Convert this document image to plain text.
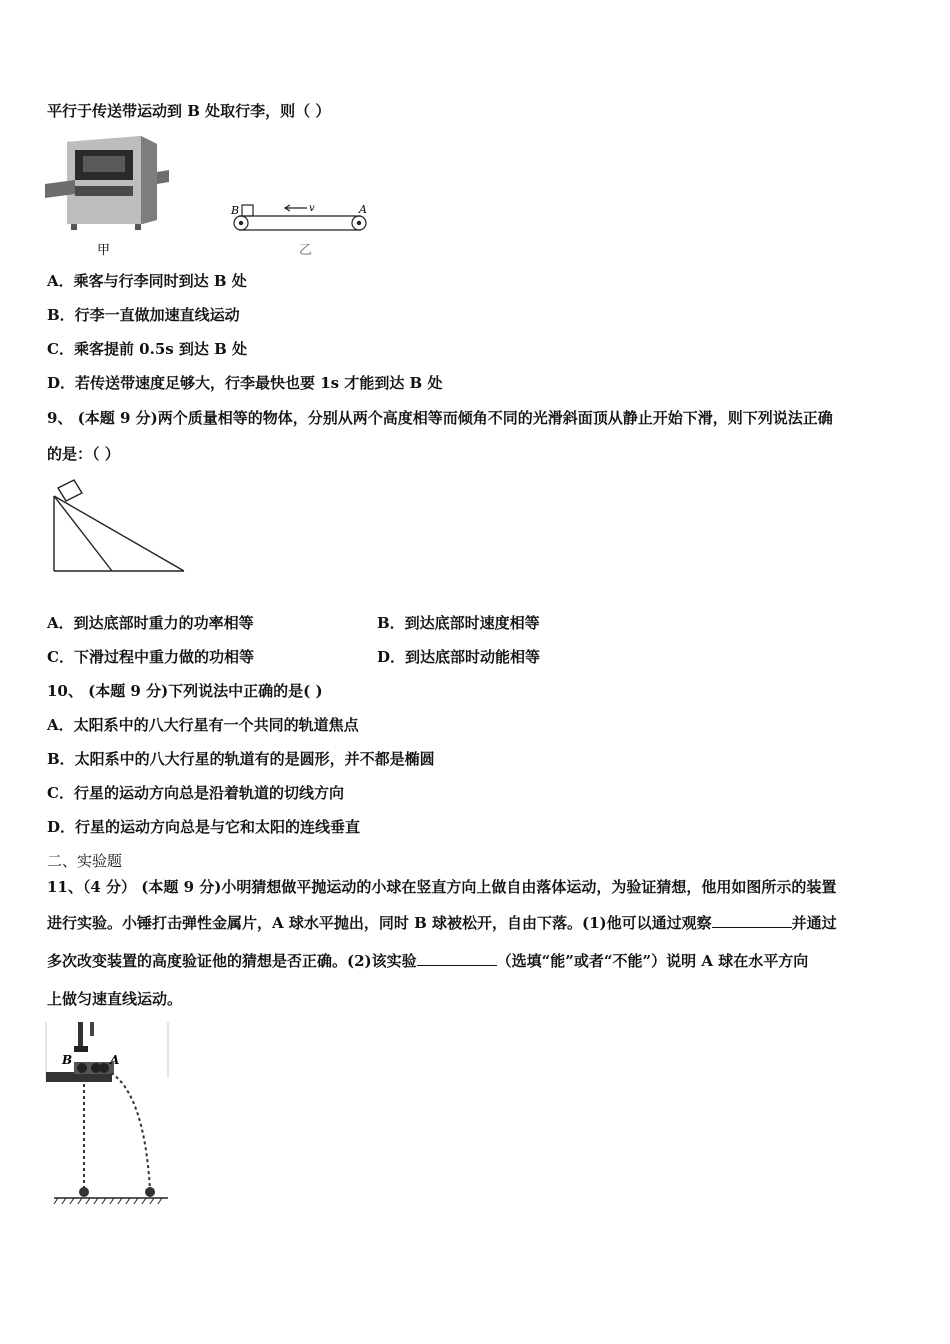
平行于传送带运动到 B 处取行李，则（ ）
甲
B	A
v
乙
A．乘客与行李同时到达 B 处
B．行李一直做加速直线运动
C．乘客提前 0.5s 到达 B 处
D．若传送带速度足够大，行李最快也要 1s 才能到达 B 处
9、 (本题 9 分)两个质量相等的物体，分别从两个高度相等而倾角不同的光滑斜面顶从静止开始下滑，则下列说法正确
的是：（ ）
A．到达底部时重力的功率相等	B．到达底部时速度相等
C．下滑过程中重力做的功相等	D．到达底部时动能相等
10、 (本题 9 分)下列说法中正确的是( )
A．太阳系中的八大行星有一个共同的轨道焦点
B．太阳系中的八大行星的轨道有的是圆形，并不都是椭圆
C．行星的运动方向总是沿着轨道的切线方向
D．行星的运动方向总是与它和太阳的连线垂直
二、实验题
11、（4 分） (本题 9 分)小明猜想做平抛运动的小球在竖直方向上做自由落体运动，为验证猜想，他用如图所示的装置
进行实验。小锤打击弹性金属片，A 球水平抛出，同时 B 球被松开，自由下落。(1)他可以通过观察	并通过
多次改变装置的高度验证他的猜想是否正确。(2)该实验	（选填“能”或者“不能”）说明 A 球在水平方向
上做匀速直线运动。
B	A
